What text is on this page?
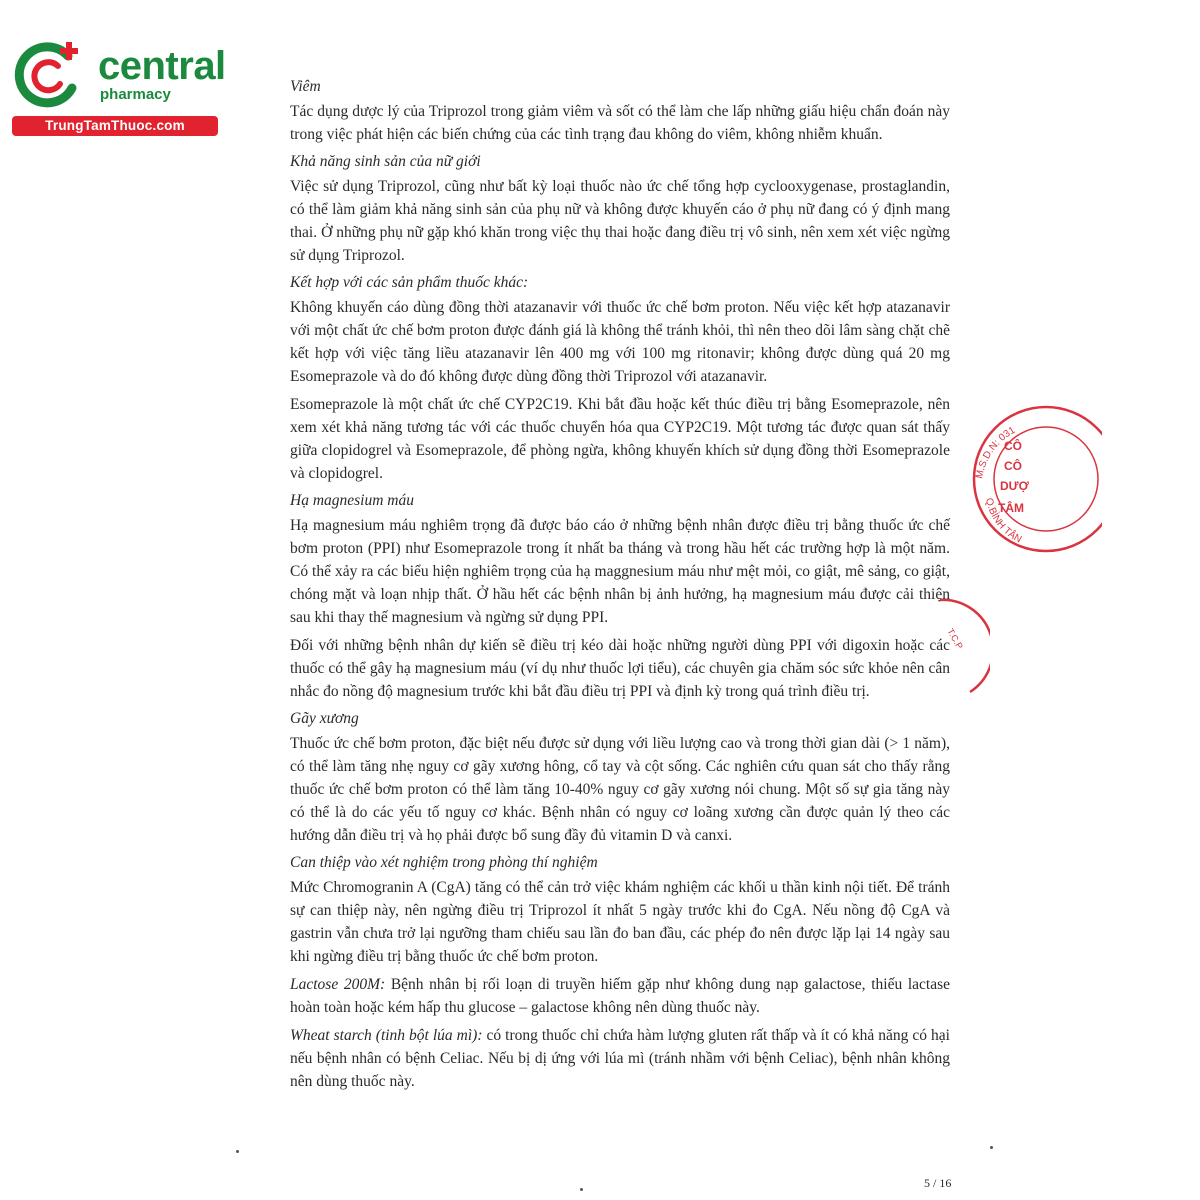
central
pharmacy
TrungTamThuoc.com
M.S.D.N: 031
Q.BÌNH TÂN
CÔ
CÔ
DƯỢ
TÂM
T.C.P
Viêm

Tác dụng dược lý của Triprozol trong giảm viêm và sốt có thể làm che lấp những giấu hiệu chẩn đoán này trong việc phát hiện các biến chứng của các tình trạng đau không do viêm, không nhiễm khuẩn.

Khả năng sinh sản của nữ giới

Việc sử dụng Triprozol, cũng như bất kỳ loại thuốc nào ức chế tổng hợp cyclooxygenase, prostaglandin, có thể làm giảm khả năng sinh sản của phụ nữ và không được khuyến cáo ở phụ nữ đang có ý định mang thai. Ở những phụ nữ gặp khó khăn trong việc thụ thai hoặc đang điều trị vô sinh, nên xem xét việc ngừng sử dụng Triprozol.

Kết hợp với các sản phẩm thuốc khác:

Không khuyến cáo dùng đồng thời atazanavir với thuốc ức chế bơm proton. Nếu việc kết hợp atazanavir với một chất ức chế bơm proton được đánh giá là không thể tránh khỏi, thì nên theo dõi lâm sàng chặt chẽ kết hợp với việc tăng liều atazanavir lên 400 mg với 100 mg ritonavir; không được dùng quá 20 mg Esomeprazole và do đó không được dùng đồng thời Triprozol với atazanavir.

Esomeprazole là một chất ức chế CYP2C19. Khi bắt đầu hoặc kết thúc điều trị bằng Esomeprazole, nên xem xét khả năng tương tác với các thuốc chuyển hóa qua CYP2C19. Một tương tác được quan sát thấy giữa clopidogrel và Esomeprazole, để phòng ngừa, không khuyến khích sử dụng đồng thời Esomeprazole và clopidogrel.

Hạ magnesium máu

Hạ magnesium máu nghiêm trọng đã được báo cáo ở những bệnh nhân được điều trị bằng thuốc ức chế bơm proton (PPI) như Esomeprazole trong ít nhất ba tháng và trong hầu hết các trường hợp là một năm. Có thể xảy ra các biểu hiện nghiêm trọng của hạ maggnesium máu như mệt mỏi, co giật, mê sảng, co giật, chóng mặt và loạn nhịp thất. Ở hầu hết các bệnh nhân bị ảnh hưởng, hạ magnesium máu được cải thiện sau khi thay thế magnesium và ngừng sử dụng PPI.

Đối với những bệnh nhân dự kiến sẽ điều trị kéo dài hoặc những người dùng PPI với digoxin hoặc các thuốc có thể gây hạ magnesium máu (ví dụ như thuốc lợi tiểu), các chuyên gia chăm sóc sức khỏe nên cân nhắc đo nồng độ magnesium trước khi bắt đầu điều trị PPI và định kỳ trong quá trình điều trị.

Gãy xương

Thuốc ức chế bơm proton, đặc biệt nếu được sử dụng với liều lượng cao và trong thời gian dài (> 1 năm), có thể làm tăng nhẹ nguy cơ gãy xương hông, cổ tay và cột sống. Các nghiên cứu quan sát cho thấy rằng thuốc ức chế bơm proton có thể làm tăng 10-40% nguy cơ gãy xương nói chung. Một số sự gia tăng này có thể là do các yếu tố nguy cơ khác. Bệnh nhân có nguy cơ loãng xương cần được quản lý theo các hướng dẫn điều trị và họ phải được bổ sung đầy đủ vitamin D và canxi.

Can thiệp vào xét nghiệm trong phòng thí nghiệm

Mức Chromogranin A (CgA) tăng có thể cản trở việc khám nghiệm các khối u thần kinh nội tiết. Để tránh sự can thiệp này, nên ngừng điều trị Triprozol ít nhất 5 ngày trước khi đo CgA. Nếu nồng độ CgA và gastrin vẫn chưa trở lại ngưỡng tham chiếu sau lần đo ban đầu, các phép đo nên được lặp lại 14 ngày sau khi ngừng điều trị bằng thuốc ức chế bơm proton.

Lactose 200M: Bệnh nhân bị rối loạn di truyền hiếm gặp như không dung nạp galactose, thiếu lactase hoàn toàn hoặc kém hấp thu glucose – galactose không nên dùng thuốc này.

Wheat starch (tinh bột lúa mì): có trong thuốc chỉ chứa hàm lượng gluten rất thấp và ít có khả năng có hại nếu bệnh nhân có bệnh Celiac. Nếu bị dị ứng với lúa mì (tránh nhầm với bệnh Celiac), bệnh nhân không nên dùng thuốc này.

5 / 16
